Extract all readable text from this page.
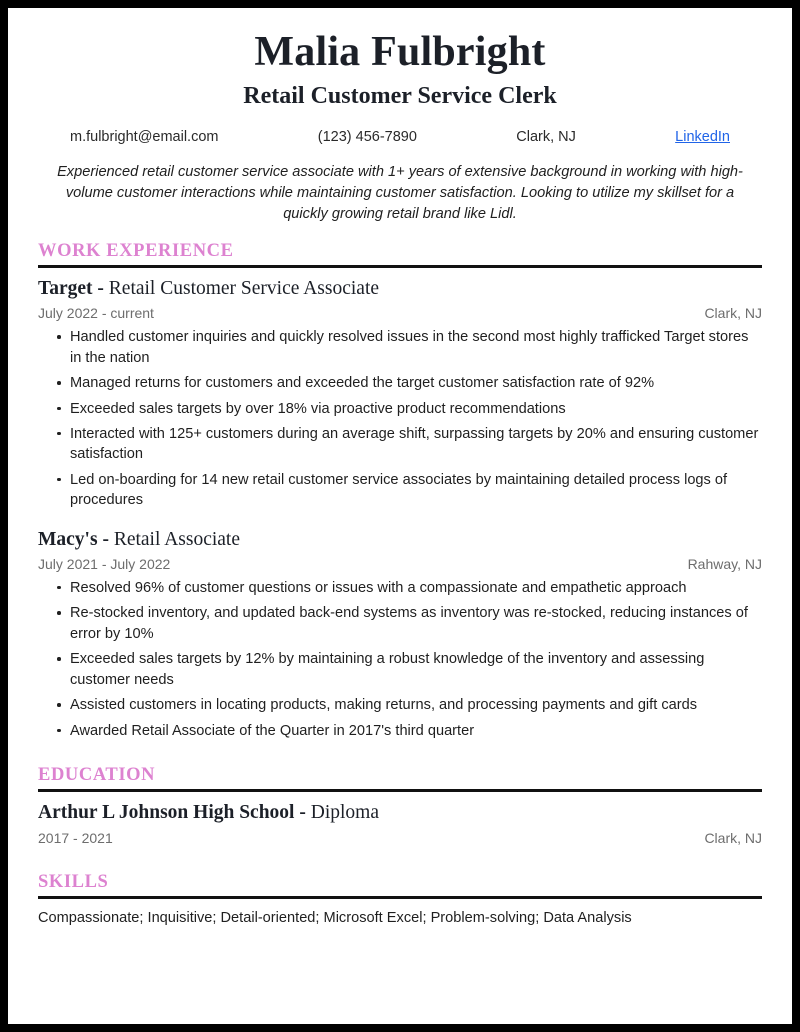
Malia Fulbright
Retail Customer Service Clerk
m.fulbright@email.com	(123) 456-7890	Clark, NJ	LinkedIn
Experienced retail customer service associate with 1+ years of extensive background in working with high-volume customer interactions while maintaining customer satisfaction. Looking to utilize my skillset for a quickly growing retail brand like Lidl.
WORK EXPERIENCE
Target - Retail Customer Service Associate
July 2022 - current	Clark, NJ
Handled customer inquiries and quickly resolved issues in the second most highly trafficked Target stores in the nation
Managed returns for customers and exceeded the target customer satisfaction rate of 92%
Exceeded sales targets by over 18% via proactive product recommendations
Interacted with 125+ customers during an average shift, surpassing targets by 20% and ensuring customer satisfaction
Led on-boarding for 14 new retail customer service associates by maintaining detailed process logs of procedures
Macy's - Retail Associate
July 2021 - July 2022	Rahway, NJ
Resolved 96% of customer questions or issues with a compassionate and empathetic approach
Re-stocked inventory, and updated back-end systems as inventory was re-stocked, reducing instances of error by 10%
Exceeded sales targets by 12% by maintaining a robust knowledge of the inventory and assessing customer needs
Assisted customers in locating products, making returns, and processing payments and gift cards
Awarded Retail Associate of the Quarter in 2017's third quarter
EDUCATION
Arthur L Johnson High School - Diploma
2017 - 2021	Clark, NJ
SKILLS
Compassionate; Inquisitive; Detail-oriented; Microsoft Excel; Problem-solving; Data Analysis
